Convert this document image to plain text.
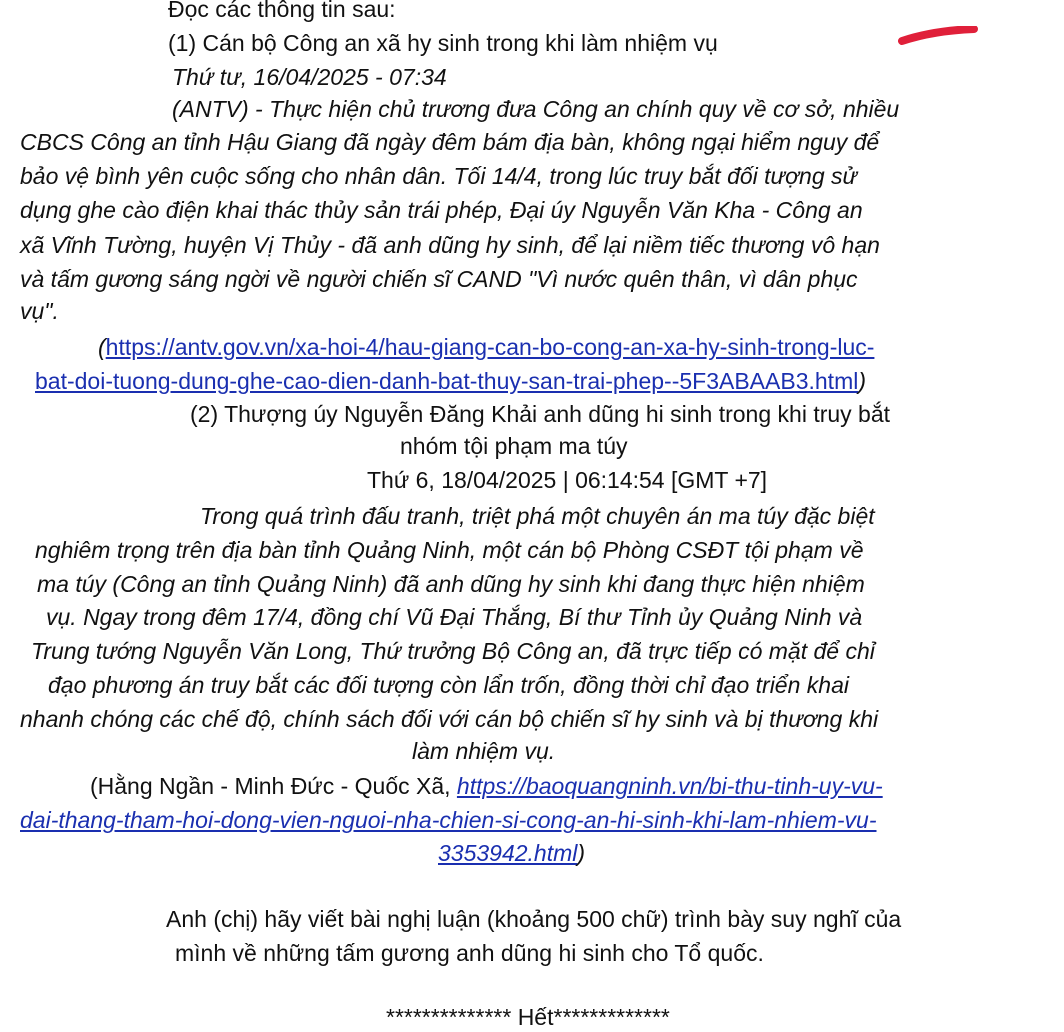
Đọc các thông tin sau:
(1) Cán bộ Công an xã hy sinh trong khi làm nhiệm vụ
Thứ tư, 16/04/2025 - 07:34
(ANTV) - Thực hiện chủ trương đưa Công an chính quy về cơ sở, nhiều
CBCS Công an tỉnh Hậu Giang đã ngày đêm bám địa bàn, không ngại hiểm nguy để
bảo vệ bình yên cuộc sống cho nhân dân. Tối 14/4, trong lúc truy bắt đối tượng sử
dụng ghe cào điện khai thác thủy sản trái phép, Đại úy Nguyễn Văn Kha - Công an
xã Vĩnh Tường, huyện Vị Thủy - đã anh dũng hy sinh, để lại niềm tiếc thương vô hạn
và tấm gương sáng ngời về người chiến sĩ CAND "Vì nước quên thân, vì dân phục
vụ".
(https://antv.gov.vn/xa-hoi-4/hau-giang-can-bo-cong-an-xa-hy-sinh-trong-luc-
bat-doi-tuong-dung-ghe-cao-dien-danh-bat-thuy-san-trai-phep--5F3ABAAB3.html)
(2) Thượng úy Nguyễn Đăng Khải anh dũng hi sinh trong khi truy bắt
nhóm tội phạm ma túy
Thứ 6, 18/04/2025 | 06:14:54 [GMT +7]
Trong quá trình đấu tranh, triệt phá một chuyên án ma túy đặc biệt
nghiêm trọng trên địa bàn tỉnh Quảng Ninh, một cán bộ Phòng CSĐT tội phạm về
ma túy (Công an tỉnh Quảng Ninh) đã anh dũng hy sinh khi đang thực hiện nhiệm
vụ. Ngay trong đêm 17/4, đồng chí Vũ Đại Thắng, Bí thư Tỉnh ủy Quảng Ninh và
Trung tướng Nguyễn Văn Long, Thứ trưởng Bộ Công an, đã trực tiếp có mặt để chỉ
đạo phương án truy bắt các đối tượng còn lẩn trốn, đồng thời chỉ đạo triển khai
nhanh chóng các chế độ, chính sách đối với cán bộ chiến sĩ hy sinh và bị thương khi
làm nhiệm vụ.
(Hằng Ngần - Minh Đức - Quốc Xã, https://baoquangninh.vn/bi-thu-tinh-uy-vu-
dai-thang-tham-hoi-dong-vien-nguoi-nha-chien-si-cong-an-hi-sinh-khi-lam-nhiem-vu-
3353942.html)
Anh (chị) hãy viết bài nghị luận (khoảng 500 chữ) trình bày suy nghĩ của
mình về những tấm gương anh dũng hi sinh cho Tổ quốc.
************** Hết*************
